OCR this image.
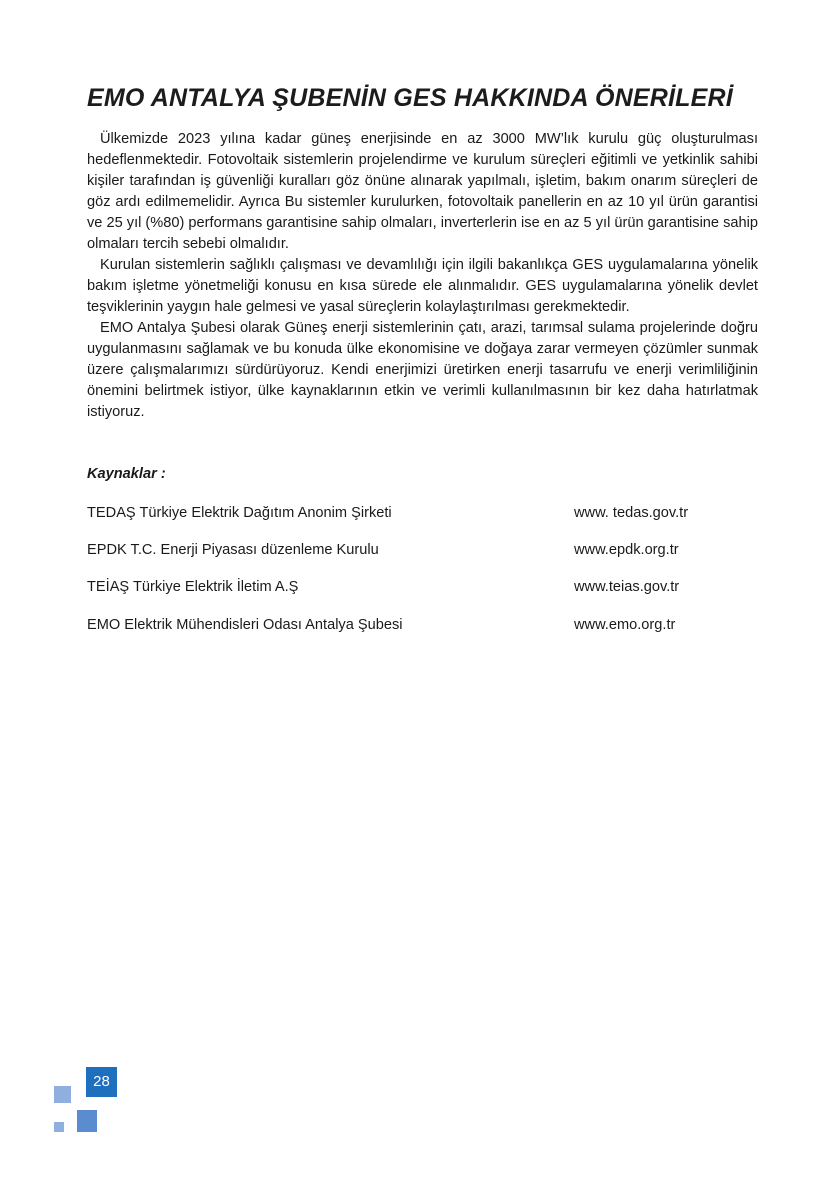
EMO ANTALYA ŞUBENİN GES HAKKINDA ÖNERİLERİ

Ülkemizde 2023 yılına kadar güneş enerjisinde en az 3000 MW’lık kurulu güç oluşturulması hedeflenmektedir. Fotovoltaik sistemlerin projelendirme ve kurulum süreçleri eğitimli ve yetkinlik sahibi kişiler tarafından iş güvenliği kuralları göz önüne alınarak yapılmalı, işletim, bakım onarım süreçleri de göz ardı edilmemelidir. Ayrıca Bu sistemler kurulurken, fotovoltaik panellerin en az 10 yıl ürün garantisi ve 25 yıl (%80) performans garantisine sahip olmaları, inverterlerin ise en az 5 yıl ürün garantisine sahip olmaları tercih sebebi olmalıdır.

Kurulan sistemlerin sağlıklı çalışması ve devamlılığı için ilgili bakanlıkça GES uygulamalarına yönelik bakım işletme yönetmeliği konusu en kısa sürede ele alınmalıdır. GES uygulamalarına yönelik devlet teşviklerinin yaygın hale gelmesi ve yasal süreçlerin kolaylaştırılması gerekmektedir.

EMO Antalya Şubesi olarak Güneş enerji sistemlerinin çatı, arazi, tarımsal sulama projelerinde doğru uygulanmasını sağlamak ve bu konuda ülke ekonomisine ve doğaya zarar vermeyen çözümler sunmak üzere çalışmalarımızı sürdürüyoruz. Kendi enerjimizi üretirken enerji tasarrufu ve enerji verimliliğinin önemini belirtmek istiyor, ülke kaynaklarının etkin ve verimli kullanılmasının bir kez daha hatırlatmak istiyoruz.

Kaynaklar :
TEDAŞ Türkiye Elektrik Dağıtım Anonim Şirketi	www. tedas.gov.tr
EPDK T.C. Enerji Piyasası düzenleme Kurulu	www.epdk.org.tr
TEİAŞ Türkiye Elektrik İletim A.Ş	www.teias.gov.tr
EMO Elektrik Mühendisleri Odası Antalya Şubesi	www.emo.org.tr
28
